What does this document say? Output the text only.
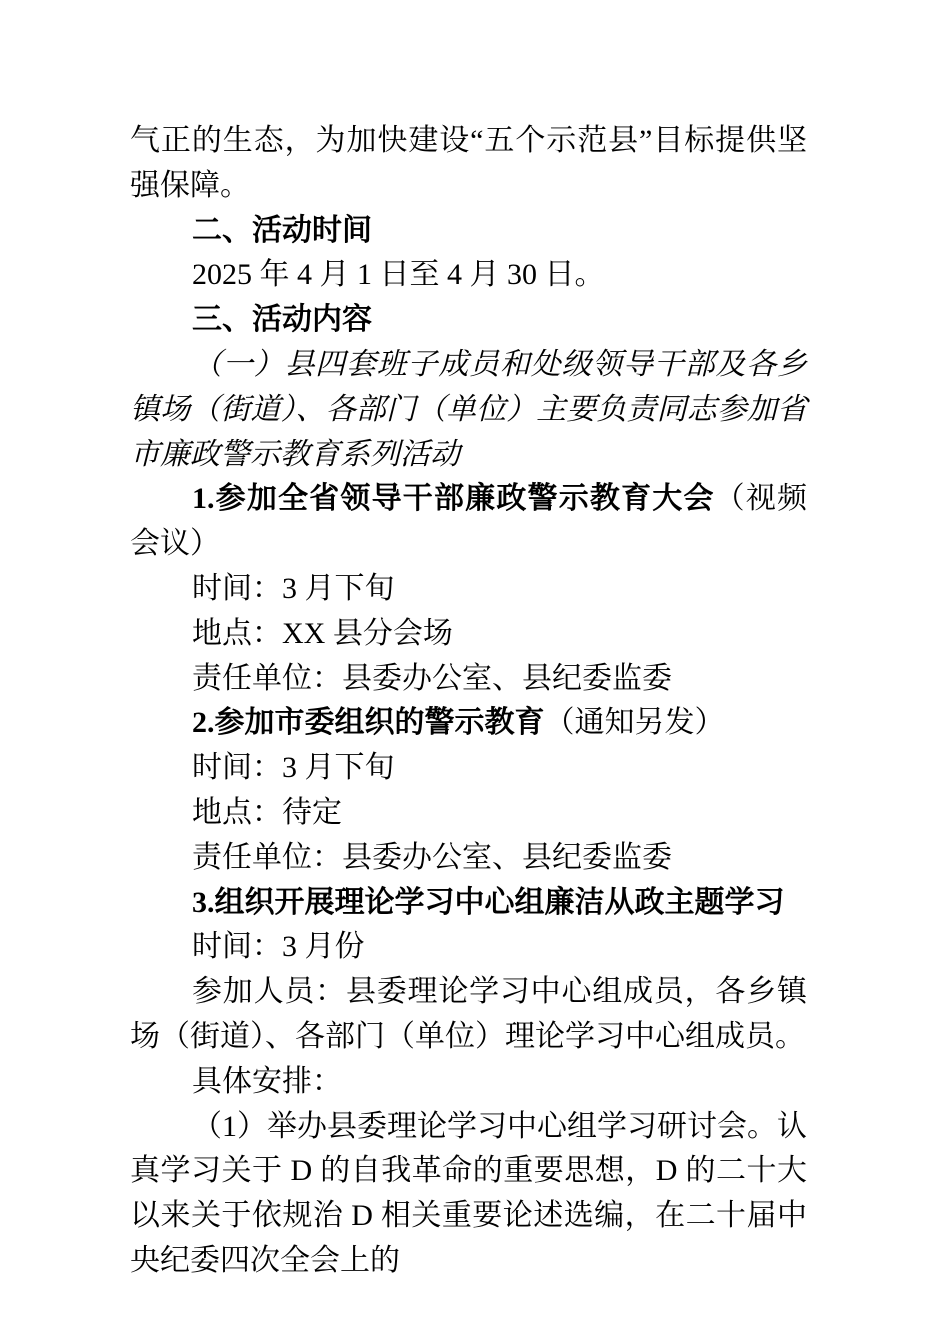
气正的生态，为加快建设“五个示范县”目标提供坚强保障。

二、活动时间

2025 年 4 月 1 日至 4 月 30 日。

三、活动内容

（一）县四套班子成员和处级领导干部及各乡镇场（街道）、各部门（单位）主要负责同志参加省市廉政警示教育系列活动

1.参加全省领导干部廉政警示教育大会（视频会议）

时间：3 月下旬

地点：XX 县分会场

责任单位：县委办公室、县纪委监委

2.参加市委组织的警示教育（通知另发）

时间：3 月下旬

地点：待定

责任单位：县委办公室、县纪委监委

3.组织开展理论学习中心组廉洁从政主题学习

时间：3 月份

参加人员：县委理论学习中心组成员，各乡镇场（街道）、各部门（单位）理论学习中心组成员。

具体安排：

（1）举办县委理论学习中心组学习研讨会。认真学习关于 D 的自我革命的重要思想，D 的二十大以来关于依规治 D 相关重要论述选编，在二十届中央纪委四次全会上的
